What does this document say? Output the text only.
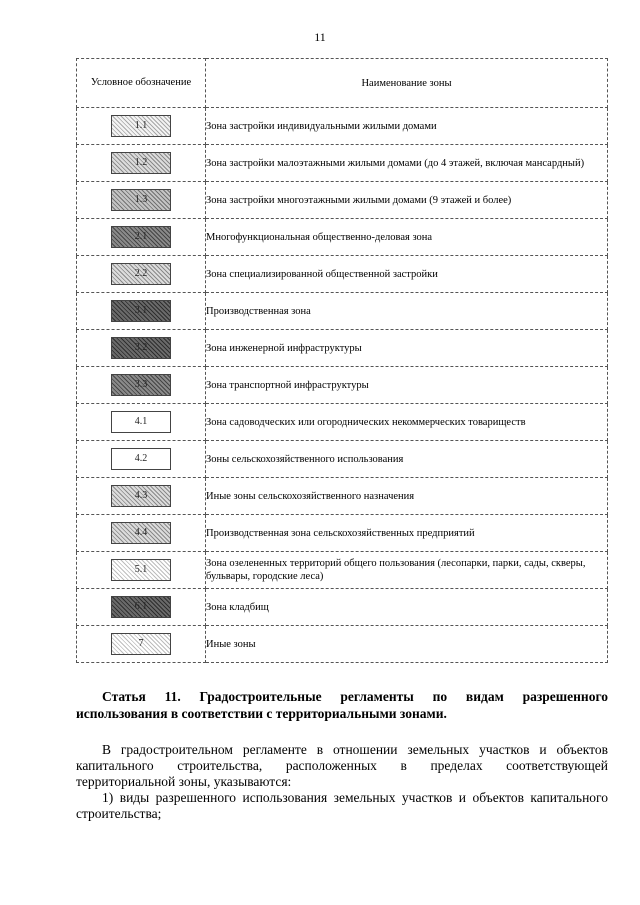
11
Условное обозначение	Наименование зоны
1.1	Зона застройки индивидуальными жилыми домами
1.2	Зона застройки малоэтажными жилыми домами (до 4 этажей, включая мансардный)
1.3	Зона застройки многоэтажными жилыми домами (9 этажей и более)
2.1	Многофункциональная общественно-деловая зона
2.2	Зона специализированной общественной застройки
3.1	Производственная зона
3.2	Зона инженерной инфраструктуры
3.3	Зона транспортной инфраструктуры
4.1	Зона садоводческих или огороднических некоммерческих товариществ
4.2	Зоны сельскохозяйственного использования
4.3	Иные зоны сельскохозяйственного назначения
4.4	Производственная зона сельскохозяйственных предприятий
5.1	Зона озелененных территорий общего пользования (лесопарки, парки, сады, скверы, бульвары, городские леса)
6.1	Зона кладбищ
7	Иные зоны

Статья 11. Градостроительные регламенты по видам разрешенного использования в соответствии с территориальными зонами.

В градостроительном регламенте в отношении земельных участков и объектов капитального строительства, расположенных в пределах соответствующей территориальной зоны, указываются:

1) виды разрешенного использования земельных участков и объектов капитального строительства;
